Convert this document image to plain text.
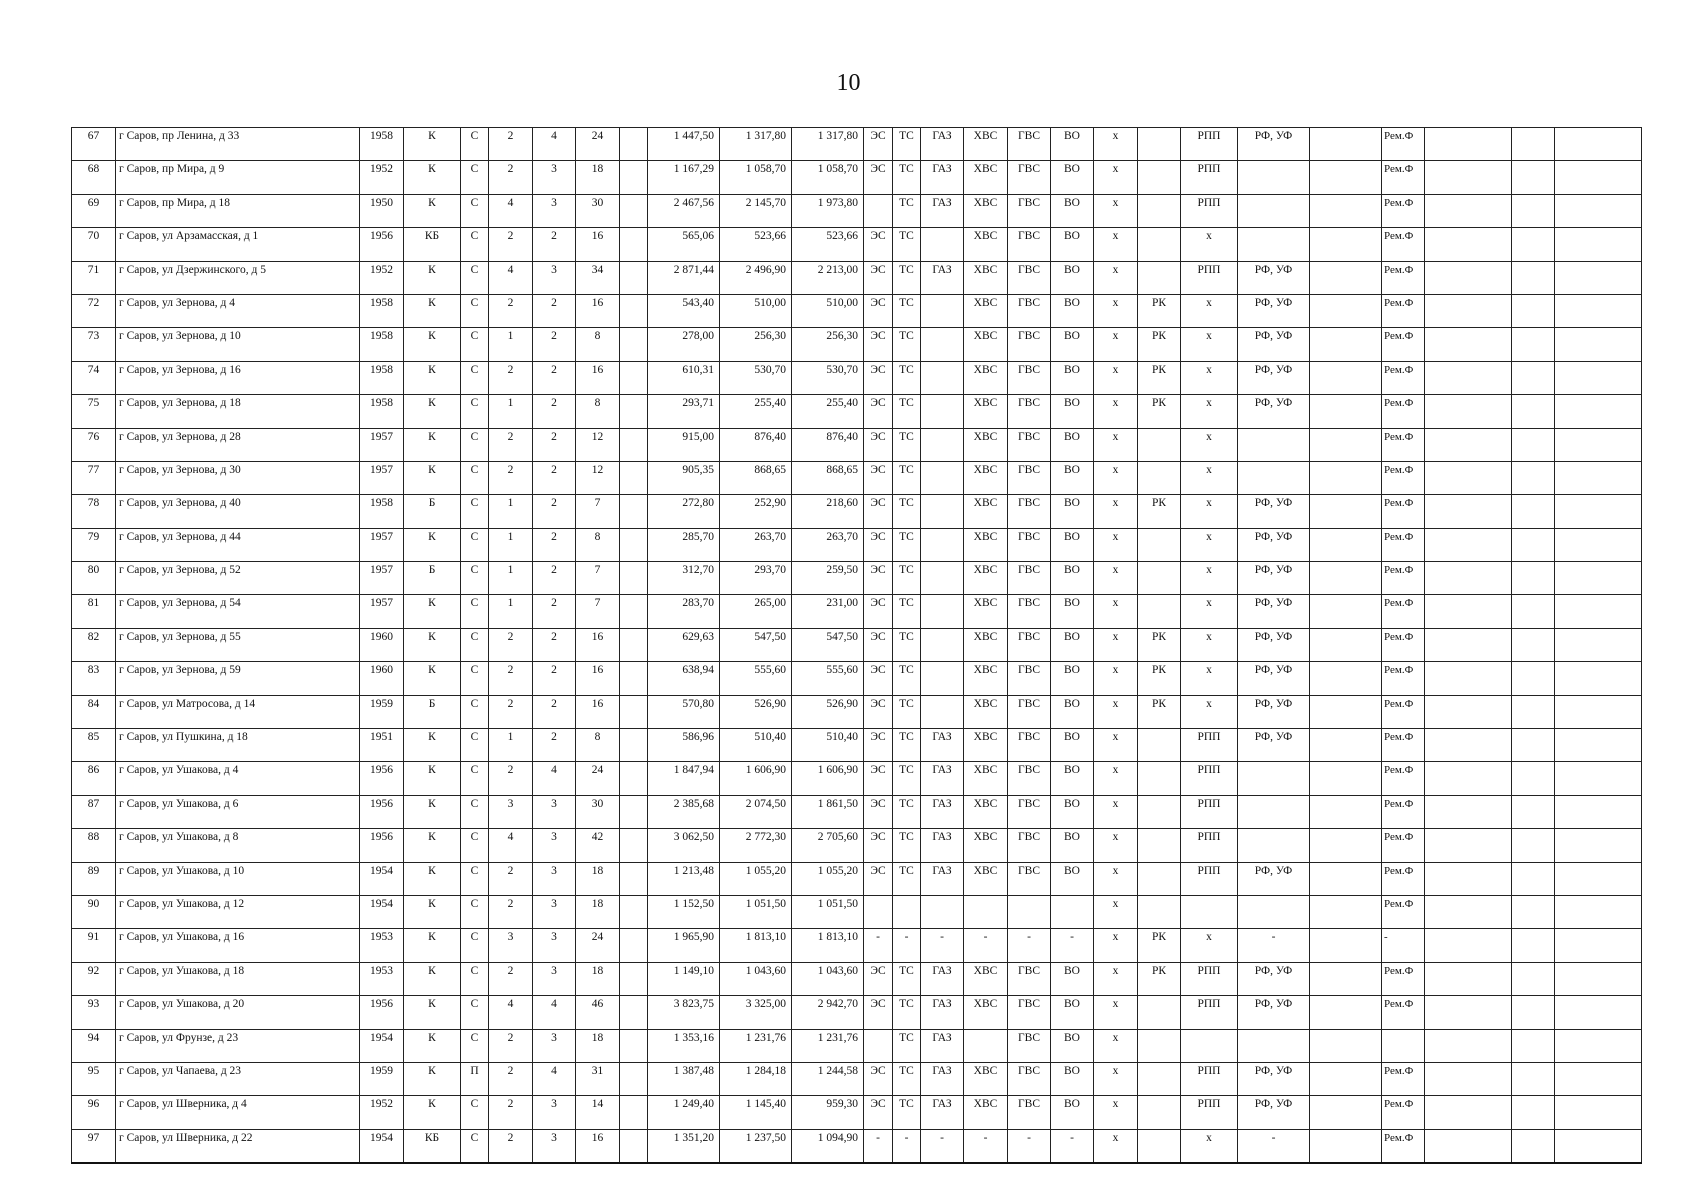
10
67	г Саров, пр Ленина, д 33	1958	К	С	2	4	24		1 447,50	1 317,80	1 317,80	ЭС	ТС	ГАЗ	ХВС	ГВС	ВО	x		РПП	РФ, УФ		Рем.Ф			
68	г Саров, пр Мира, д 9	1952	К	С	2	3	18		1 167,29	1 058,70	1 058,70	ЭС	ТС	ГАЗ	ХВС	ГВС	ВО	x		РПП			Рем.Ф			
69	г Саров, пр Мира, д 18	1950	К	С	4	3	30		2 467,56	2 145,70	1 973,80		ТС	ГАЗ	ХВС	ГВС	ВО	x		РПП			Рем.Ф			
70	г Саров, ул Арзамасская, д 1	1956	КБ	С	2	2	16		565,06	523,66	523,66	ЭС	ТС		ХВС	ГВС	ВО	x		x			Рем.Ф			
71	г Саров, ул Дзержинского, д 5	1952	К	С	4	3	34		2 871,44	2 496,90	2 213,00	ЭС	ТС	ГАЗ	ХВС	ГВС	ВО	x		РПП	РФ, УФ		Рем.Ф			
72	г Саров, ул Зернова, д 4	1958	К	С	2	2	16		543,40	510,00	510,00	ЭС	ТС		ХВС	ГВС	ВО	x	РК	x	РФ, УФ		Рем.Ф			
73	г Саров, ул Зернова, д 10	1958	К	С	1	2	8		278,00	256,30	256,30	ЭС	ТС		ХВС	ГВС	ВО	x	РК	x	РФ, УФ		Рем.Ф			
74	г Саров, ул Зернова, д 16	1958	К	С	2	2	16		610,31	530,70	530,70	ЭС	ТС		ХВС	ГВС	ВО	x	РК	x	РФ, УФ		Рем.Ф			
75	г Саров, ул Зернова, д 18	1958	К	С	1	2	8		293,71	255,40	255,40	ЭС	ТС		ХВС	ГВС	ВО	x	РК	x	РФ, УФ		Рем.Ф			
76	г Саров, ул Зернова, д 28	1957	К	С	2	2	12		915,00	876,40	876,40	ЭС	ТС		ХВС	ГВС	ВО	x		x			Рем.Ф			
77	г Саров, ул Зернова, д 30	1957	К	С	2	2	12		905,35	868,65	868,65	ЭС	ТС		ХВС	ГВС	ВО	x		x			Рем.Ф			
78	г Саров, ул Зернова, д 40	1958	Б	С	1	2	7		272,80	252,90	218,60	ЭС	ТС		ХВС	ГВС	ВО	x	РК	x	РФ, УФ		Рем.Ф			
79	г Саров, ул Зернова, д 44	1957	К	С	1	2	8		285,70	263,70	263,70	ЭС	ТС		ХВС	ГВС	ВО	x		x	РФ, УФ		Рем.Ф			
80	г Саров, ул Зернова, д 52	1957	Б	С	1	2	7		312,70	293,70	259,50	ЭС	ТС		ХВС	ГВС	ВО	x		x	РФ, УФ		Рем.Ф			
81	г Саров, ул Зернова, д 54	1957	К	С	1	2	7		283,70	265,00	231,00	ЭС	ТС		ХВС	ГВС	ВО	x		x	РФ, УФ		Рем.Ф			
82	г Саров, ул Зернова, д 55	1960	К	С	2	2	16		629,63	547,50	547,50	ЭС	ТС		ХВС	ГВС	ВО	x	РК	x	РФ, УФ		Рем.Ф			
83	г Саров, ул Зернова, д 59	1960	К	С	2	2	16		638,94	555,60	555,60	ЭС	ТС		ХВС	ГВС	ВО	x	РК	x	РФ, УФ		Рем.Ф			
84	г Саров, ул Матросова, д 14	1959	Б	С	2	2	16		570,80	526,90	526,90	ЭС	ТС		ХВС	ГВС	ВО	x	РК	x	РФ, УФ		Рем.Ф			
85	г Саров, ул Пушкина, д 18	1951	К	С	1	2	8		586,96	510,40	510,40	ЭС	ТС	ГАЗ	ХВС	ГВС	ВО	x		РПП	РФ, УФ		Рем.Ф			
86	г Саров, ул Ушакова, д 4	1956	К	С	2	4	24		1 847,94	1 606,90	1 606,90	ЭС	ТС	ГАЗ	ХВС	ГВС	ВО	x		РПП			Рем.Ф			
87	г Саров, ул Ушакова, д 6	1956	К	С	3	3	30		2 385,68	2 074,50	1 861,50	ЭС	ТС	ГАЗ	ХВС	ГВС	ВО	x		РПП			Рем.Ф			
88	г Саров, ул Ушакова, д 8	1956	К	С	4	3	42		3 062,50	2 772,30	2 705,60	ЭС	ТС	ГАЗ	ХВС	ГВС	ВО	x		РПП			Рем.Ф			
89	г Саров, ул Ушакова, д 10	1954	К	С	2	3	18		1 213,48	1 055,20	1 055,20	ЭС	ТС	ГАЗ	ХВС	ГВС	ВО	x		РПП	РФ, УФ		Рем.Ф			
90	г Саров, ул Ушакова, д 12	1954	К	С	2	3	18		1 152,50	1 051,50	1 051,50							x					Рем.Ф			
91	г Саров, ул Ушакова, д 16	1953	К	С	3	3	24		1 965,90	1 813,10	1 813,10	-	-	-	-	-	-	x	РК	x	-		-			
92	г Саров, ул Ушакова, д 18	1953	К	С	2	3	18		1 149,10	1 043,60	1 043,60	ЭС	ТС	ГАЗ	ХВС	ГВС	ВО	x	РК	РПП	РФ, УФ		Рем.Ф			
93	г Саров, ул Ушакова, д 20	1956	К	С	4	4	46		3 823,75	3 325,00	2 942,70	ЭС	ТС	ГАЗ	ХВС	ГВС	ВО	x		РПП	РФ, УФ		Рем.Ф			
94	г Саров, ул Фрунзе, д 23	1954	К	С	2	3	18		1 353,16	1 231,76	1 231,76		ТС	ГАЗ		ГВС	ВО	x								
95	г Саров, ул Чапаева, д 23	1959	К	П	2	4	31		1 387,48	1 284,18	1 244,58	ЭС	ТС	ГАЗ	ХВС	ГВС	ВО	x		РПП	РФ, УФ		Рем.Ф			
96	г Саров, ул Шверника, д 4	1952	К	С	2	3	14		1 249,40	1 145,40	959,30	ЭС	ТС	ГАЗ	ХВС	ГВС	ВО	x		РПП	РФ, УФ		Рем.Ф			
97	г Саров, ул Шверника, д 22	1954	КБ	С	2	3	16		1 351,20	1 237,50	1 094,90	-	-	-	-	-	-	x		x	-		Рем.Ф			
